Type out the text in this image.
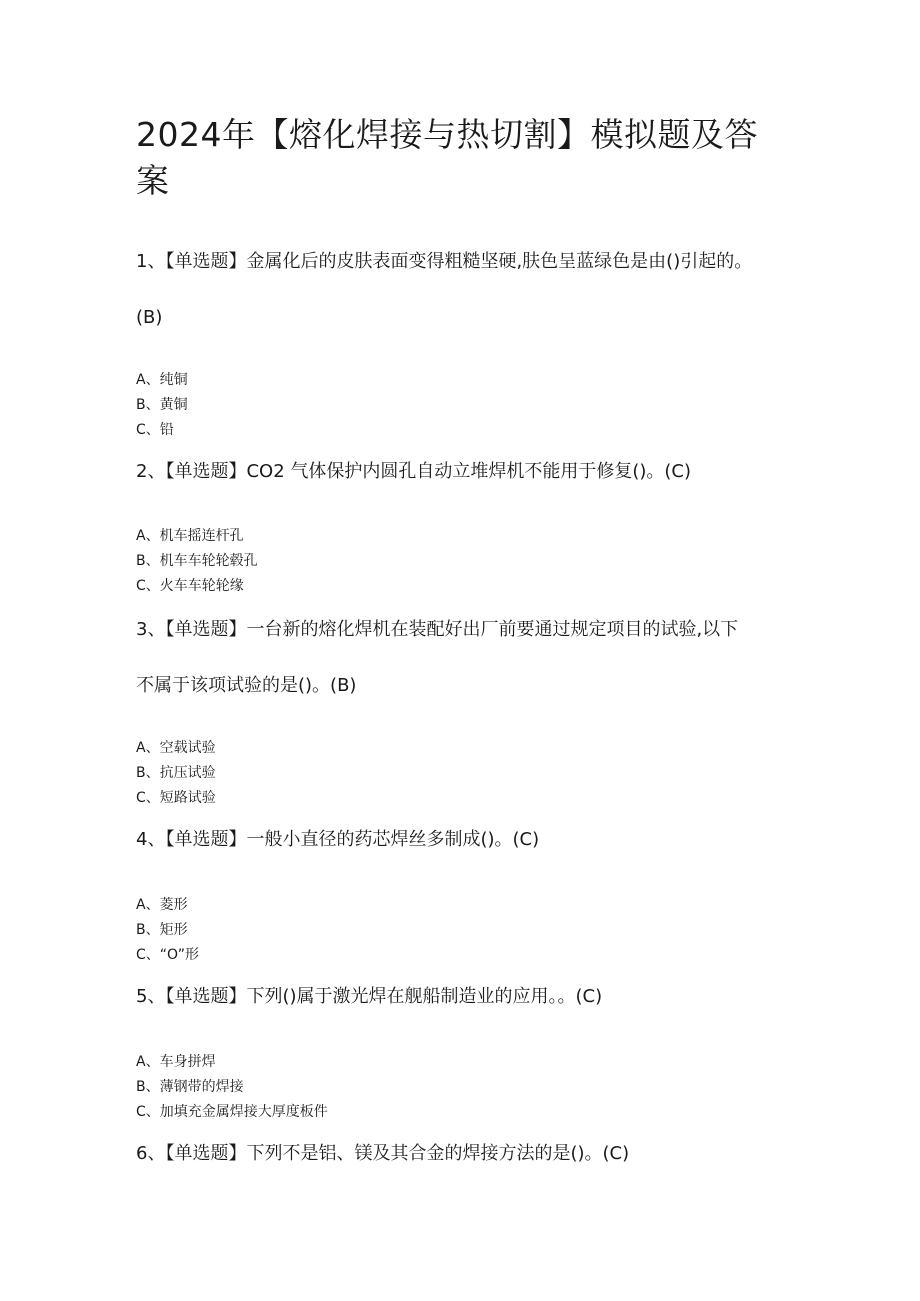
2024年【熔化焊接与热切割】模拟题及答案

1、【单选题】金属化后的皮肤表面变得粗糙坚硬,肤色呈蓝绿色是由()引起的。(B)

A、纯铜
B、黄铜
C、铅

2、【单选题】CO2 气体保护内圆孔自动立堆焊机不能用于修复()。(C)

A、机车摇连杆孔
B、机车车轮轮毂孔
C、火车车轮轮缘

3、【单选题】一台新的熔化焊机在装配好出厂前要通过规定项目的试验,以下不属于该项试验的是()。(B)

A、空载试验
B、抗压试验
C、短路试验

4、【单选题】一般小直径的药芯焊丝多制成()。(C)

A、菱形
B、矩形
C、“O”形

5、【单选题】下列()属于激光焊在舰船制造业的应用。。(C)

A、车身拼焊
B、薄钢带的焊接
C、加填充金属焊接大厚度板件

6、【单选题】下列不是铝、镁及其合金的焊接方法的是()。(C)
